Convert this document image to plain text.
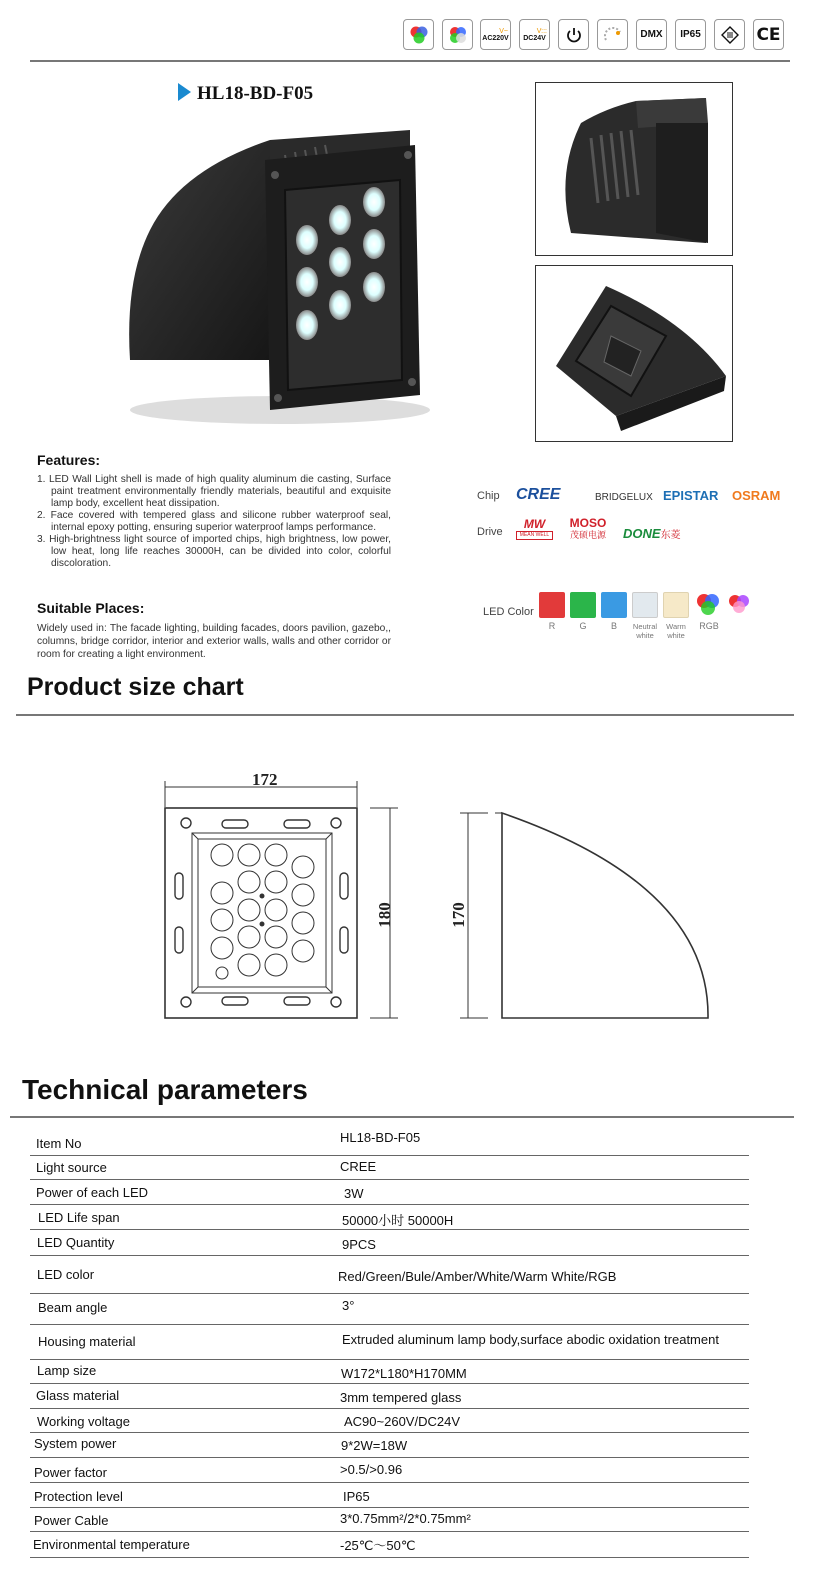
V~
AC220V
V:::
DC24V	DMX IP65	CE
HL18-BD-F05
Features:
1. LED Wall Light shell is made of high quality aluminum die casting, Surface paint treatment environmentally friendly materials, beautiful and exquisite lamp body, excellent heat dissipation.
2. Face covered with tempered glass and silicone rubber waterproof seal, internal epoxy potting, ensuring superior waterproof lamps performance.
3. High-brightness light source of imported chips, high brightness, low power, low heat, long life reaches 30000H, can be divided into color, colorful discoloration.
Suitable Places:
Widely used in: The facade lighting, building facades, doors pavilion, gazebo,, columns, bridge corridor, interior and exterior walls, walls and other corridor or room for creating a light environment.
Chip CREE	BRIDGELUX EPISTAR OSRAM
Drive
MW
MEAN WELL
MOSO
茂硕电源	DONE东菱
LED Color
R	G	B	Neutral white
Warm white
RGB
Product size chart
172
180	170
Technical parameters
Item No	HL18-BD-F05
Light source	CREE
Power of each LED	3W
LED Life span	50000小时 50000H
LED Quantity	9PCS
LED color	Red/Green/Bule/Amber/White/Warm White/RGB
Beam angle	3°
Housing material	Extruded aluminum lamp body,surface abodic oxidation treatment
Lamp size	W172*L180*H170MM
Glass material	3mm tempered glass
Working voltage	AC90~260V/DC24V
System power	9*2W=18W
Power factor	>0.5/>0.96
Protection level	IP65
Power Cable	3*0.75mm²/2*0.75mm²
Environmental temperature	-25℃～50℃
